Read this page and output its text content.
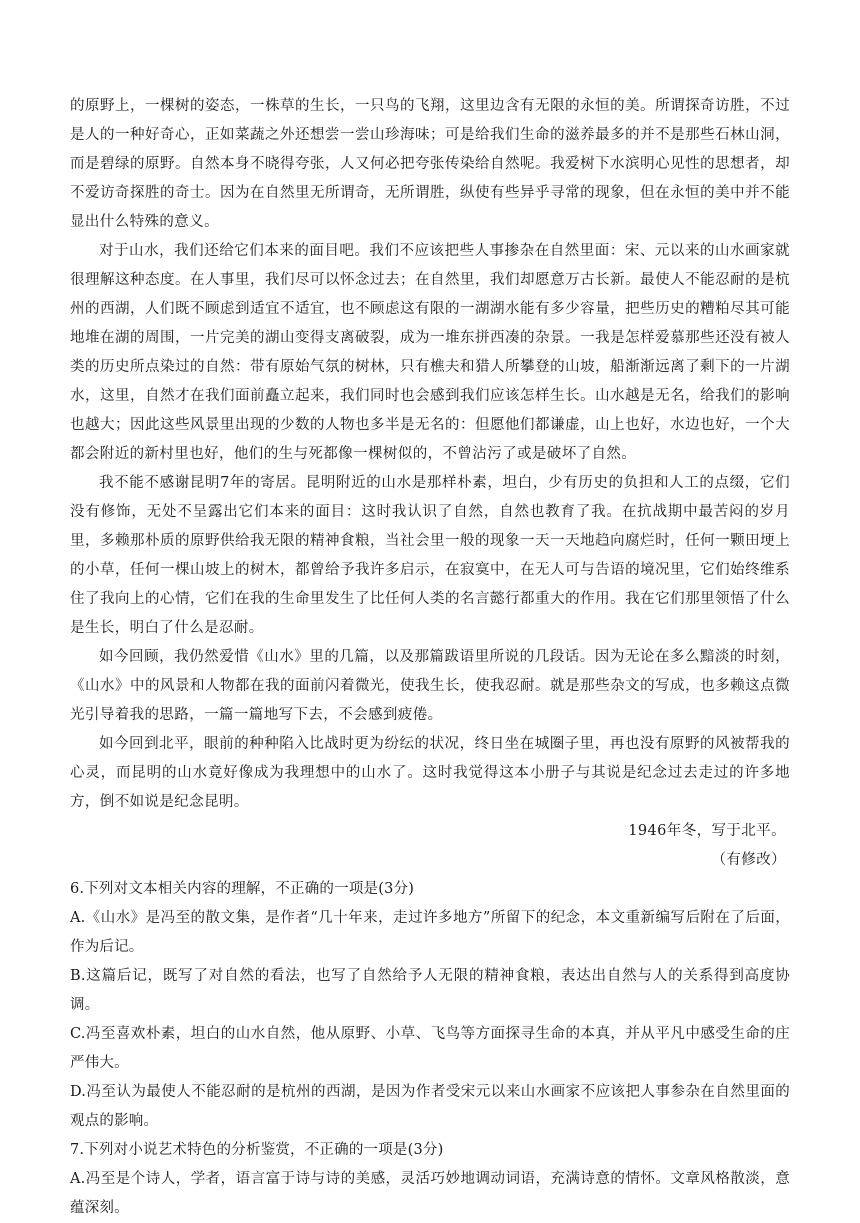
的原野上，一棵树的姿态，一株草的生长，一只鸟的飞翔，这里边含有无限的永恒的美。所谓探奇访胜，不过是人的一种好奇心，正如菜蔬之外还想尝一尝山珍海味；可是给我们生命的滋养最多的并不是那些石林山洞，而是碧绿的原野。自然本身不晓得夸张，人又何必把夸张传染给自然呢。我爱树下水滨明心见性的思想者，却不爱访奇探胜的奇士。因为在自然里无所谓奇，无所谓胜，纵使有些异乎寻常的现象，但在永恒的美中并不能显出什么特殊的意义。

对于山水，我们还给它们本来的面目吧。我们不应该把些人事掺杂在自然里面：宋、元以来的山水画家就很理解这种态度。在人事里，我们尽可以怀念过去；在自然里，我们却愿意万古长新。最使人不能忍耐的是杭州的西湖，人们既不顾虑到适宜不适宜，也不顾虑这有限的一湖湖水能有多少容量，把些历史的糟粕尽其可能地堆在湖的周围，一片完美的湖山变得支离破裂，成为一堆东拼西凑的杂景。一我是怎样爱慕那些还没有被人类的历史所点染过的自然：带有原始气氛的树林，只有樵夫和猎人所攀登的山坡，船渐渐远离了剩下的一片湖水，这里，自然才在我们面前矗立起来，我们同时也会感到我们应该怎样生长。山水越是无名，给我们的影响也越大；因此这些风景里出现的少数的人物也多半是无名的：但愿他们都谦虚，山上也好，水边也好，一个大都会附近的新村里也好，他们的生与死都像一棵树似的，不曾沾污了或是破坏了自然。

我不能不感谢昆明7年的寄居。昆明附近的山水是那样朴素，坦白，少有历史的负担和人工的点缀，它们没有修饰，无处不呈露出它们本来的面目：这时我认识了自然，自然也教育了我。在抗战期中最苦闷的岁月里，多赖那朴质的原野供给我无限的精神食粮，当社会里一般的现象一天一天地趋向腐烂时，任何一颗田埂上的小草，任何一棵山坡上的树木，都曾给予我许多启示，在寂寞中，在无人可与告语的境况里，它们始终维系住了我向上的心情，它们在我的生命里发生了比任何人类的名言懿行都重大的作用。我在它们那里领悟了什么是生长，明白了什么是忍耐。

如今回顾，我仍然爱惜《山水》里的几篇，以及那篇跋语里所说的几段话。因为无论在多么黯淡的时刻，《山水》中的风景和人物都在我的面前闪着微光，使我生长，使我忍耐。就是那些杂文的写成，也多赖这点微光引导着我的思路，一篇一篇地写下去，不会感到疲倦。

如今回到北平，眼前的种种陷入比战时更为纷纭的状况，终日坐在城圈子里，再也没有原野的风被帮我的心灵，而昆明的山水竟好像成为我理想中的山水了。这时我觉得这本小册子与其说是纪念过去走过的许多地方，倒不如说是纪念昆明。

1946年冬，写于北平。

（有修改）

6.下列对文本相关内容的理解，不正确的一项是(3分)

A.《山水》是冯至的散文集，是作者“几十年来，走过许多地方”所留下的纪念，本文重新编写后附在了后面，作为后记。

B.这篇后记，既写了对自然的看法，也写了自然给予人无限的精神食粮，表达出自然与人的关系得到高度协调。

C.冯至喜欢朴素，坦白的山水自然，他从原野、小草、飞鸟等方面探寻生命的本真，并从平凡中感受生命的庄严伟大。

D.冯至认为最使人不能忍耐的是杭州的西湖，是因为作者受宋元以来山水画家不应该把人事参杂在自然里面的观点的影响。

7.下列对小说艺术特色的分析鉴赏，不正确的一项是(3分)

A.冯至是个诗人，学者，语言富于诗与诗的美感，灵活巧妙地调动词语，充满诗意的情怀。文章风格散淡，意蕴深刻。
